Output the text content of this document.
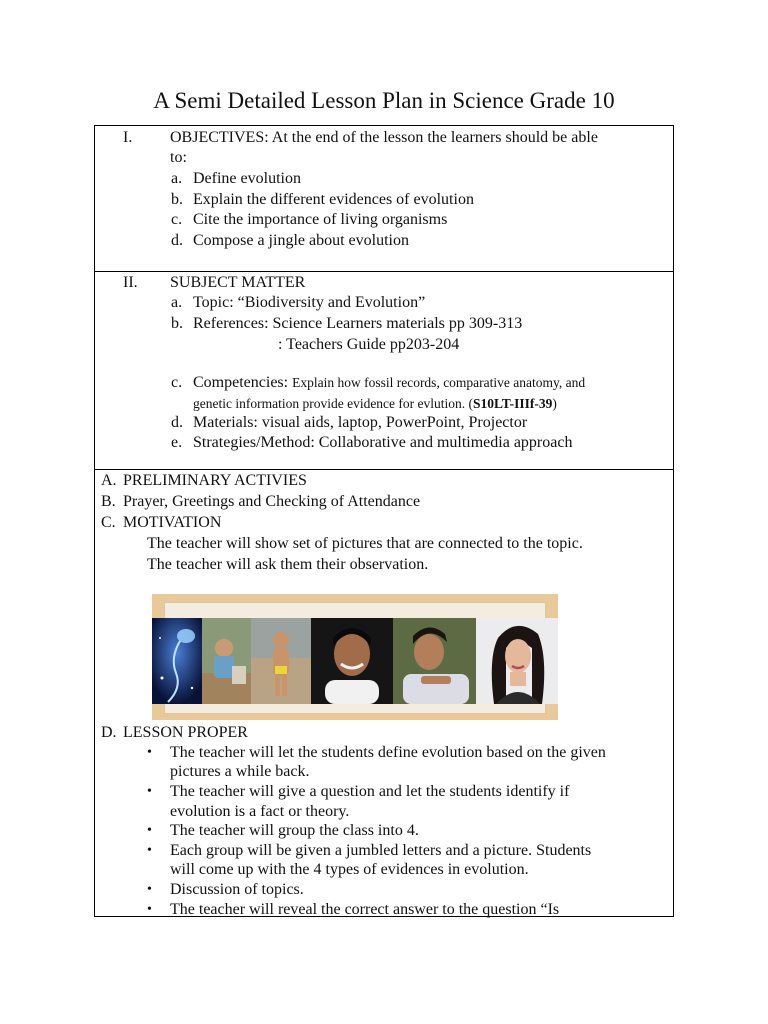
A Semi Detailed Lesson Plan in Science Grade 10
I. OBJECTIVES: At the end of the lesson the learners should be able
to:
a. Define evolution
b. Explain the different evidences of evolution
c. Cite the importance of living organisms
d. Compose a jingle about evolution
II. SUBJECT MATTER
a. Topic: “Biodiversity and Evolution”
b. References: Science Learners materials pp 309-313
: Teachers Guide pp203-204
c. Competencies: Explain how fossil records, comparative anatomy, and
genetic information provide evidence for evlution. (S10LT-IIIf-39)
d. Materials: visual aids, laptop, PowerPoint, Projector
e. Strategies/Method: Collaborative and multimedia approach
A. PRELIMINARY ACTIVIES
B. Prayer, Greetings and Checking of Attendance
C. MOTIVATION
The teacher will show set of pictures that are connected to the topic.
The teacher will ask them their observation.
D. LESSON PROPER
• The teacher will let the students define evolution based on the given
pictures a while back.
• The teacher will give a question and let the students identify if
evolution is a fact or theory.
• The teacher will group the class into 4.
• Each group will be given a jumbled letters and a picture. Students
will come up with the 4 types of evidences in evolution.
• Discussion of topics.
• The teacher will reveal the correct answer to the question “Is
